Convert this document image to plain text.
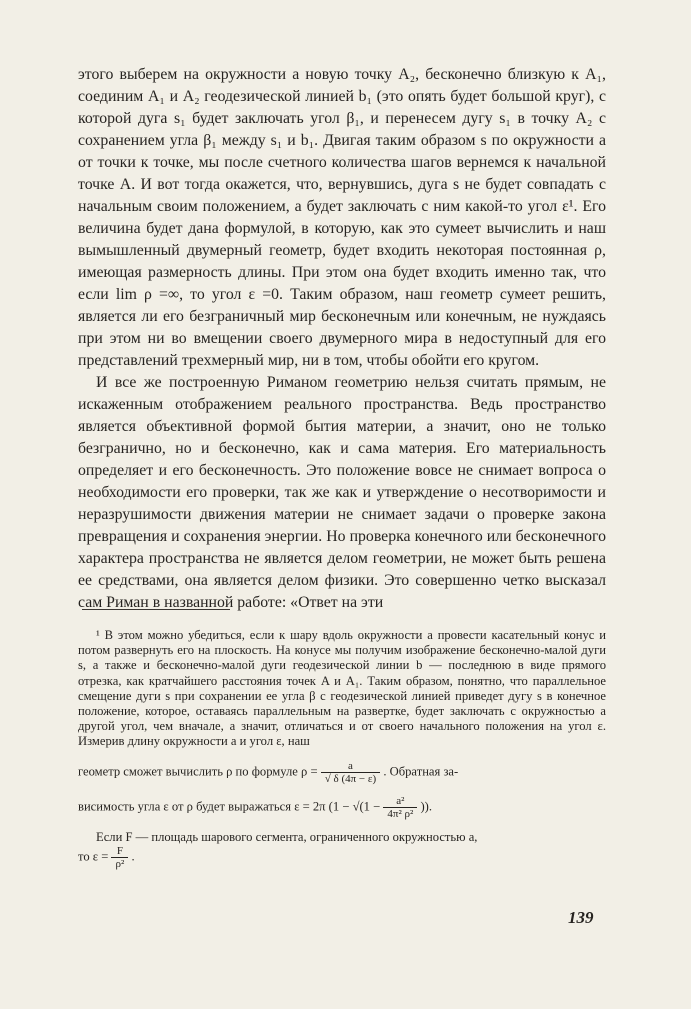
этого выберем на окружности a новую точку A₂, бесконечно близкую к A₁, соединим A₁ и A₂ геодезической линией b₁ (это опять будет большой круг), с которой дуга s₁ будет заключать угол β₁, и перенесем дугу s₁ в точку A₂ с сохранением угла β₁ между s₁ и b₁. Двигая таким образом s по окружности a от точки к точке, мы после счетного количества шагов вернемся к начальной точке A. И вот тогда окажется, что, вернувшись, дуга s не будет совпадать с начальным своим положением, а будет заключать с ним какой-то угол ε¹. Его величина будет дана формулой, в которую, как это сумеет вычислить и наш вымышленный двумерный геометр, будет входить некоторая постоянная ρ, имеющая размерность длины. При этом она будет входить именно так, что если lim ρ =∞, то угол ε =0. Таким образом, наш геометр сумеет решить, является ли его безграничный мир бесконечным или конечным, не нуждаясь при этом ни во вмещении своего двумерного мира в недоступный для его представлений трехмерный мир, ни в том, чтобы обойти его кругом.

И все же построенную Риманом геометрию нельзя считать прямым, не искаженным отображением реального пространства. Ведь пространство является объективной формой бытия материи, а значит, оно не только безгранично, но и бесконечно, как и сама материя. Его материальность определяет и его бесконечность. Это положение вовсе не снимает вопроса о необходимости его проверки, так же как и утверждение о несотворимости и неразрушимости движения материи не снимает задачи о проверке закона превращения и сохранения энергии. Но проверка конечного или бесконечного характера пространства не является делом геометрии, не может быть решена ее средствами, она является делом физики. Это совершенно четко высказал сам Риман в названной работе: «Ответ на эти

¹ В этом можно убедиться, если к шару вдоль окружности a провести касательный конус и потом развернуть его на плоскость. На конусе мы получим изображение бесконечно-малой дуги s, а также и бесконечно-малой дуги геодезической линии b — последнюю в виде прямого отрезка, как кратчайшего расстояния точек A и A₁. Таким образом, понятно, что параллельное смещение дуги s при сохранении ее угла β с геодезической линией приведет дугу s в конечное положение, которое, оставаясь параллельным на развертке, будет заключать с окружностью a другой угол, чем вначале, а значит, отличаться и от своего начального положения на угол ε. Измерив длину окружности a и угол ε, наш

геометр сможет вычислить ρ по формуле $\rho = \frac{a}{√ \delta (4\pi - \varepsilon)}$ . Обратная за-

висимость угла ε от ρ будет выражаться ε = 2π ($1 - √(1 - \frac{\text{a²}}{\text{4π² ρ²}}$ )).

Если F — площадь шарового сегмента, ограниченного окружностью a,

то $\varepsilon = \frac{F}{\text{ρ²}}$ .

139
